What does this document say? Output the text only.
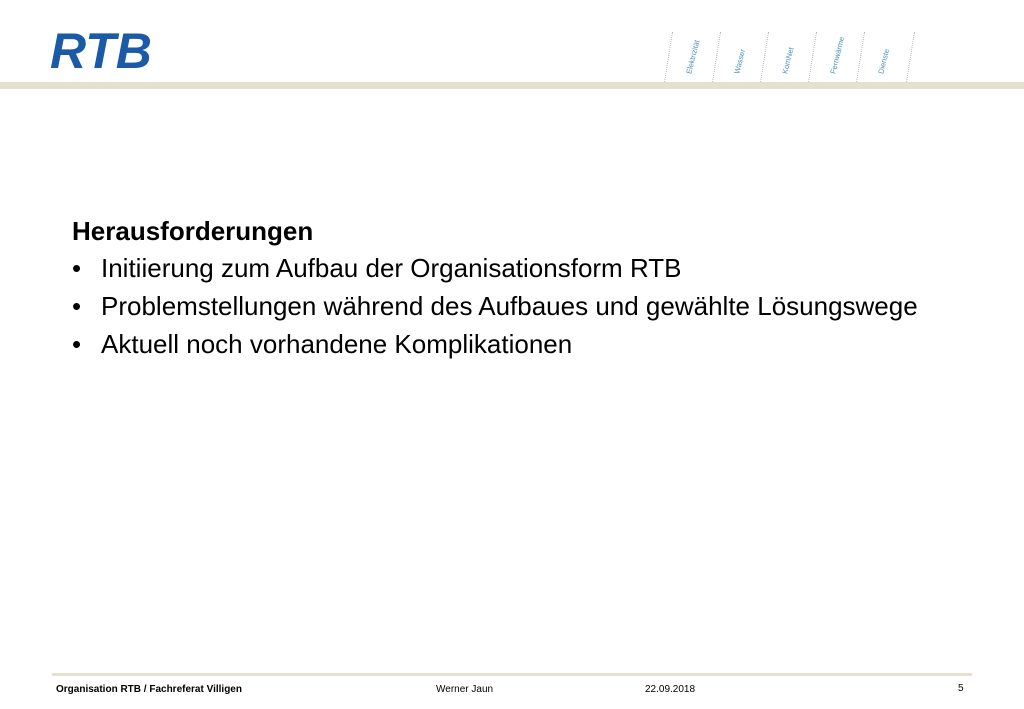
RTB	Elektrizität	Wasser	KomNet	Fernwärme	Dienste
Herausforderungen
• Initiierung zum Aufbau der Organisationsform RTB
• Problemstellungen während des Aufbaues und gewählte Lösungswege
• Aktuell noch vorhandene Komplikationen
Organisation RTB / Fachreferat Villigen	Werner Jaun	22.09.2018	5
